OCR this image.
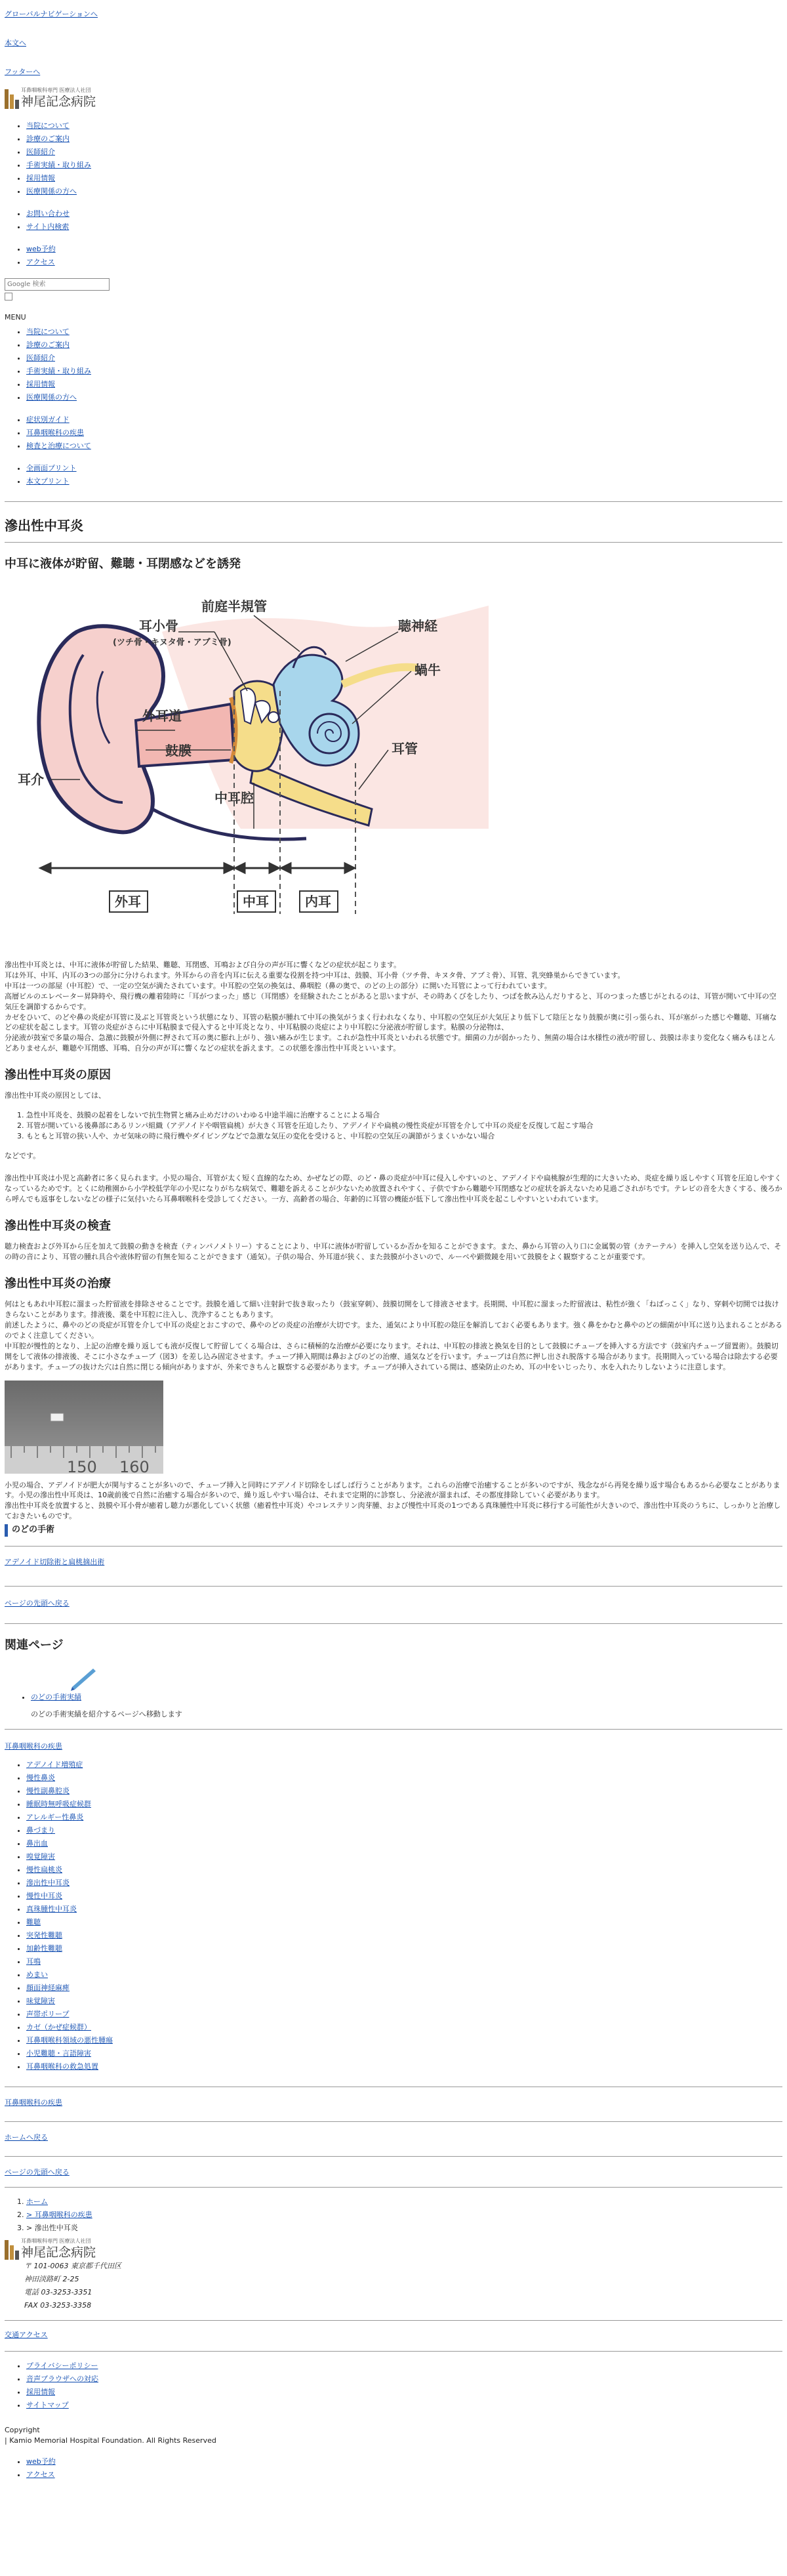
グローバルナビゲーションへ

本文へ

フッターへ

耳鼻咽喉科専門 医療法人社団
神尾記念病院
• 当院について
• 診療のご案内
• 医師紹介
• 手術実績・取り組み
• 採用情報
• 医療関係の方へ
• お問い合わせ
• サイト内検索
• web予約
• アクセス
Google 検索
MENU
• 当院について
• 診療のご案内
• 医師紹介
• 手術実績・取り組み
• 採用情報
• 医療関係の方へ
• 症状別ガイド
• 耳鼻咽喉科の疾患
• 検査と治療について
• 全画面プリント
• 本文プリント
滲出性中耳炎
中耳に液体が貯留、難聴・耳閉感などを誘発
前庭半規管
耳小骨
(ツチ骨・キヌタ骨・アブミ骨)
聴神経
蝸牛
外耳道
鼓膜
耳介
耳管
中耳腔
外耳	中耳	内耳

滲出性中耳炎とは、中耳に液体が貯留した結果、難聴、耳閉感、耳鳴および自分の声が耳に響くなどの症状が起こります。

耳は外耳、中耳、内耳の3つの部分に分けられます。外耳からの音を内耳に伝える重要な役割を持つ中耳は、鼓膜、耳小骨（ツチ骨、キヌタ骨、アブミ骨）、耳管、乳突蜂巣からできています。

中耳は一つの部屋（中耳腔）で、一定の空気が満たされています。中耳腔の空気の換気は、鼻咽腔（鼻の奥で、のどの上の部分）に開いた耳管によって行われています。

高層ビルのエレベーター昇降時や、飛行機の離着陸時に「耳がつまった」感じ（耳閉感）を経験されたことがあると思いますが、その時あくびをしたり、つばを飲み込んだりすると、耳のつまった感じがとれるのは、耳管が開いて中耳の空気圧を調節するからです。

カゼをひいて、のどや鼻の炎症が耳管に及ぶと耳管炎という状態になり、耳管の粘膜が腫れて中耳の換気がうまく行われなくなり、中耳腔の空気圧が大気圧より低下して陰圧となり鼓膜が奥に引っ張られ、耳が塞がった感じや難聴、耳痛などの症状を起こします。耳管の炎症がさらに中耳粘膜まで侵入すると中耳炎となり、中耳粘膜の炎症により中耳腔に分泌液が貯留します。粘膜の分泌物は、

分泌液が鼓室で多量の場合、急激に鼓膜が外側に押されて耳の奥に膨れ上がり、強い痛みが生じます。これが急性中耳炎といわれる状態です。細菌の力が弱かったり、無菌の場合は水様性の液が貯留し、鼓膜は赤まり変化なく痛みもほとんどありませんが、難聴や耳閉感、耳鳴、自分の声が耳に響くなどの症状を訴えます。この状態を滲出性中耳炎といいます。

滲出性中耳炎の原因

滲出性中耳炎の原因としては、

1. 急性中耳炎を、鼓膜の起着をしないで抗生物質と痛み止めだけのいわゆる中途半端に治療することによる場合
2. 耳管が開いている後鼻部にあるリンパ組織（アデノイドや咽管扁桃）が大きく耳管を圧迫したり、アデノイドや扁桃の慢性炎症が耳管を介して中耳の炎症を反復して起こす場合
3. もともと耳管の狭い人や、カゼ気味の時に飛行機やダイビングなどで急激な気圧の変化を受けると、中耳腔の空気圧の調節がうまくいかない場合

などです。

滲出性中耳炎は小児と高齢者に多く見られます。小児の場合、耳管が太く短く直線的なため、かぜなどの際、のど・鼻の炎症が中耳に侵入しやすいのと、アデノイドや扁桃腺が生理的に大きいため、炎症を繰り返しやすく耳管を圧迫しやすくなっているためです。とくに幼稚園から小学校低学年の小児になりがちな病気で、難聴を訴えることが少ないため放置されやすく、子供ですから難聴や耳閉感などの症状を訴えないため見過ごされがちです。テレビの音を大きくする、後ろから呼んでも返事をしないなどの様子に気付いたら耳鼻咽喉科を受診してください。一方、高齢者の場合、年齢的に耳管の機能が低下して滲出性中耳炎を起こしやすいといわれています。

滲出性中耳炎の検査

聴力検査および外耳から圧を加えて鼓膜の動きを検査（ティンパノメトリー）することにより、中耳に液体が貯留しているか否かを知ることができます。また、鼻から耳管の入り口に金属製の管（カテーテル）を挿入し空気を送り込んで、その時の音により、耳管の腫れ具合や液体貯留の有無を知ることができます（通気）。子供の場合、外耳道が狭く、また鼓膜が小さいので、ルーペや顕微鏡を用いて鼓膜をよく観察することが重要です。

滲出性中耳炎の治療

何はともあれ中耳腔に溜まった貯留液を排除させることです。鼓膜を通して細い注射針で抜き取ったり（鼓室穿刺）、鼓膜切開をして排液させます。長期間、中耳腔に溜まった貯留液は、粘性が強く「ねばっこく」なり、穿刺や切開では抜けきらないことがあります。排液後、薬を中耳腔に注入し、洗浄することもあります。

前述したように、鼻やのどの炎症が耳管を介して中耳の炎症とおこすので、鼻やのどの炎症の治療が大切です。また、通気により中耳腔の陰圧を解消しておく必要もあります。強く鼻をかむと鼻やのどの細菌が中耳に送り込まれることがあるのでよく注意してください。

中耳腔が慢性的となり、上記の治療を繰り返しても液が反復して貯留してくる場合は、さらに積極的な治療が必要になります。それは、中耳腔の排液と換気を目的として鼓膜にチューブを挿入する方法です（鼓室内チューブ留置術）。鼓膜切開をして液体の排液後、そこに小さなチューブ（図3）を差し込み固定させます。チューブ挿入期間は鼻およびのどの治療、通気などを行います。チューブは自然に押し出され脱落する場合があります。長期間入っている場合は除去する必要があります。チューブの抜けた穴は自然に閉じる傾向がありますが、外来できちんと観察する必要があります。チューブが挿入されている間は、感染防止のため、耳の中をいじったり、水を入れたりしないように注意します。

150 160

小児の場合、アデノイドが肥大が関与することが多いので、チューブ挿入と同時にアデノイド切除をしばしば行うことがあります。これらの治療で治癒することが多いのですが、残念ながら再発を繰り返す場合もあるから必要なことがあります。小児の滲出性中耳炎は、10歳前後で自然に治癒する場合が多いので、繰り返しやすい場合は、それまで定期的に診察し、分泌液が溜まれば、その都度排除していく必要があります。

滲出性中耳炎を放置すると、鼓膜や耳小骨が癒着し聴力が悪化していく状態（癒着性中耳炎）やコレステリン肉芽腫、および慢性中耳炎の1つである真珠腫性中耳炎に移行する可能性が大きいので、滲出性中耳炎のうちに、しっかりと治療しておきたいものです。

のどの手術

アデノイド切除術と扁桃摘出術

ページの先頭へ戻る

関連ページ
• のどの手術実績

のどの手術実績を紹介するページへ移動します

耳鼻咽喉科の疾患

• アデノイド増殖症
• 慢性鼻炎
• 慢性副鼻腔炎
• 睡眠時無呼吸症候群
• アレルギー性鼻炎
• 鼻づまり
• 鼻出血
• 嗅覚障害
• 慢性扁桃炎
• 滲出性中耳炎
• 慢性中耳炎
• 真珠腫性中耳炎
• 難聴
• 突発性難聴
• 加齢性難聴
• 耳鳴
• めまい
• 顔面神経麻痺
• 味覚障害
• 声帯ポリープ
• カゼ（かぜ症候群）
• 耳鼻咽喉科領域の悪性腫瘍
• 小児難聴・言語障害
• 耳鼻咽喉科の救急処置

耳鼻咽喉科の疾患

ホームへ戻る

ページの先頭へ戻る

1. ホーム
2. > 耳鼻咽喉科の疾患
3. > 滲出性中耳炎
耳鼻咽喉科専門 医療法人社団
神尾記念病院

〒 101-0063 東京都千代田区

神田淡路町 2-25

電話 03-3253-3351

FAX 03-3253-3358

交通アクセス

• プライバシーポリシー
• 音声ブラウザへの対応
• 採用情報
• サイトマップ

Copyright

| Kamio Memorial Hospital Foundation. All Rights Reserved

• web予約
• アクセス
